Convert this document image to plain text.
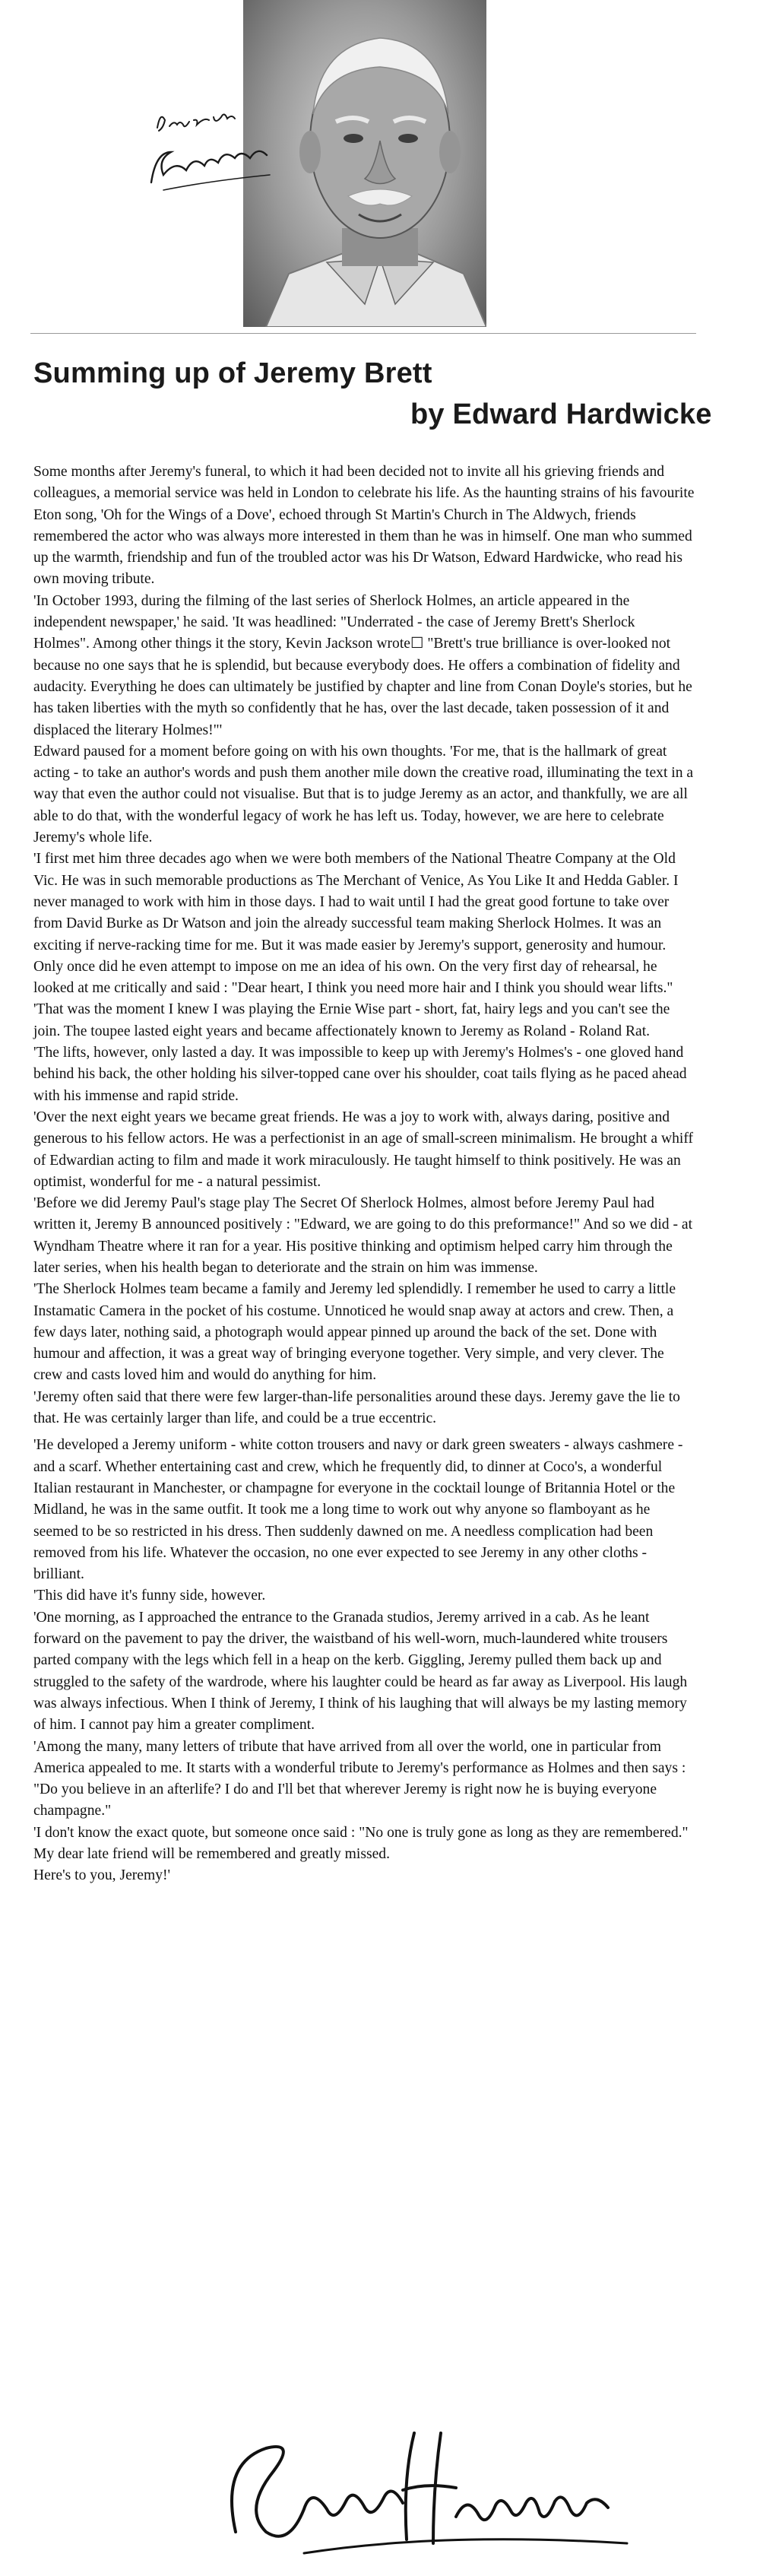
Summing up of Jeremy Brett
by Edward Hardwicke

Some months after Jeremy's funeral, to which it had been decided not to invite all his grieving friends and colleagues, a memorial service was held in London to celebrate his life. As the haunting strains of his favourite Eton song, 'Oh for the Wings of a Dove', echoed through St Martin's Church in The Aldwych, friends remembered the actor who was always more interested in them than he was in himself. One man who summed up the warmth, friendship and fun of the troubled actor was his Dr Watson, Edward Hardwicke, who read his own moving tribute.

'In October 1993, during the filming of the last series of Sherlock Holmes, an article appeared in the independent newspaper,' he said. 'It was headlined: "Underrated - the case of Jeremy Brett's Sherlock Holmes". Among other things it the story, Kevin Jackson wrote☐ "Brett's true brilliance is over-looked not because no one says that he is splendid, but because everybody does. He offers a combination of fidelity and audacity. Everything he does can ultimately be justified by chapter and line from Conan Doyle's stories, but he has taken liberties with the myth so confidently that he has, over the last decade, taken possession of it and displaced the literary Holmes!"'

Edward paused for a moment before going on with his own thoughts. 'For me, that is the hallmark of great acting - to take an author's words and push them another mile down the creative road, illuminating the text in a way that even the author could not visualise. But that is to judge Jeremy as an actor, and thankfully, we are all able to do that, with the wonderful legacy of work he has left us. Today, however, we are here to celebrate Jeremy's whole life.

'I first met him three decades ago when we were both members of the National Theatre Company at the Old Vic. He was in such memorable productions as The Merchant of Venice, As You Like It and Hedda Gabler. I never managed to work with him in those days. I had to wait until I had the great good fortune to take over from David Burke as Dr Watson and join the already successful team making Sherlock Holmes. It was an exciting if nerve-racking time for me. But it was made easier by Jeremy's support, generosity and humour. Only once did he even attempt to impose on me an idea of his own. On the very first day of rehearsal, he looked at me critically and said : "Dear heart, I think you need more hair and I think you should wear lifts."

'That was the moment I knew I was playing the Ernie Wise part - short, fat, hairy legs and you can't see the join. The toupee lasted eight years and became affectionately known to Jeremy as Roland - Roland Rat.

'The lifts, however, only lasted a day. It was impossible to keep up with Jeremy's Holmes's - one gloved hand behind his back, the other holding his silver-topped cane over his shoulder, coat tails flying as he paced ahead with his immense and rapid stride.

'Over the next eight years we became great friends. He was a joy to work with, always daring, positive and generous to his fellow actors. He was a perfectionist in an age of small-screen minimalism. He brought a whiff of Edwardian acting to film and made it work miraculously. He taught himself to think positively. He was an optimist, wonderful for me - a natural pessimist.

'Before we did Jeremy Paul's stage play The Secret Of Sherlock Holmes, almost before Jeremy Paul had written it, Jeremy B announced positively : "Edward, we are going to do this preformance!" And so we did - at Wyndham Theatre where it ran for a year. His positive thinking and optimism helped carry him through the later series, when his health began to deteriorate and the strain on him was immense.

'The Sherlock Holmes team became a family and Jeremy led splendidly. I remember he used to carry a little Instamatic Camera in the pocket of his costume. Unnoticed he would snap away at actors and crew. Then, a few days later, nothing said, a photograph would appear pinned up around the back of the set. Done with humour and affection, it was a great way of bringing everyone together. Very simple, and very clever. The crew and casts loved him and would do anything for him.

'Jeremy often said that there were few larger-than-life personalities around these days. Jeremy gave the lie to that. He was certainly larger than life, and could be a true eccentric.

'He developed a Jeremy uniform - white cotton trousers and navy or dark green sweaters - always cashmere - and a scarf. Whether entertaining cast and crew, which he frequently did, to dinner at Coco's, a wonderful Italian restaurant in Manchester, or champagne for everyone in the cocktail lounge of Britannia Hotel or the Midland, he was in the same outfit. It took me a long time to work out why anyone so flamboyant as he seemed to be so restricted in his dress. Then suddenly dawned on me. A needless complication had been removed from his life. Whatever the occasion, no one ever expected to see Jeremy in any other cloths - brilliant.

'This did have it's funny side, however.

'One morning, as I approached the entrance to the Granada studios, Jeremy arrived in a cab. As he leant forward on the pavement to pay the driver, the waistband of his well-worn, much-laundered white trousers parted company with the legs which fell in a heap on the kerb. Giggling, Jeremy pulled them back up and struggled to the safety of the wardrode, where his laughter could be heard as far away as Liverpool. His laugh was always infectious. When I think of Jeremy, I think of his laughing that will always be my lasting memory of him. I cannot pay him a greater compliment.

'Among the many, many letters of tribute that have arrived from all over the world, one in particular from America appealed to me. It starts with a wonderful tribute to Jeremy's performance as Holmes and then says : "Do you believe in an afterlife? I do and I'll bet that wherever Jeremy is right now he is buying everyone champagne."

'I don't know the exact quote, but someone once said : "No one is truly gone as long as they are remembered."

My dear late friend will be remembered and greatly missed.

Here's to you, Jeremy!'
